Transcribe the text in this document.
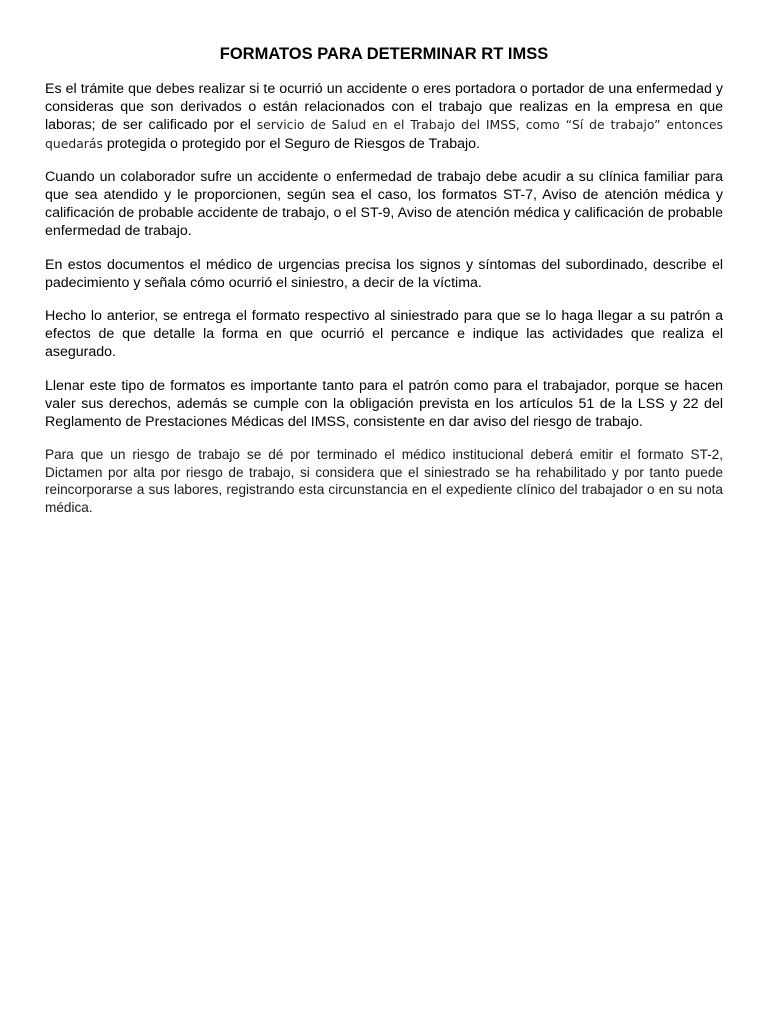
FORMATOS PARA DETERMINAR RT IMSS

Es el trámite que debes realizar si te ocurrió un accidente o eres portadora o portador de una enfermedad y consideras que son derivados o están relacionados con el trabajo que realizas en la empresa en que laboras; de ser calificado por el servicio de Salud en el Trabajo del IMSS, como “Sí de trabajo” entonces quedarás protegida o protegido por el Seguro de Riesgos de Trabajo.

Cuando un colaborador sufre un accidente o enfermedad de trabajo debe acudir a su clínica familiar para que sea atendido y le proporcionen, según sea el caso, los formatos ST-7, Aviso de atención médica y calificación de probable accidente de trabajo, o el ST-9, Aviso de atención médica y calificación de probable enfermedad de trabajo.

En estos documentos el médico de urgencias precisa los signos y síntomas del subordinado, describe el padecimiento y señala cómo ocurrió el siniestro, a decir de la víctima.

Hecho lo anterior, se entrega el formato respectivo al siniestrado para que se lo haga llegar a su patrón a efectos de que detalle la forma en que ocurrió el percance e indique las actividades que realiza el asegurado.

Llenar este tipo de formatos es importante tanto para el patrón como para el trabajador, porque se hacen valer sus derechos, además se cumple con la obligación prevista en los artículos 51 de la LSS y 22 del Reglamento de Prestaciones Médicas del IMSS, consistente en dar aviso del riesgo de trabajo.

Para que un riesgo de trabajo se dé por terminado el médico institucional deberá emitir el formato ST-2, Dictamen por alta por riesgo de trabajo, si considera que el siniestrado se ha rehabilitado y por tanto puede reincorporarse a sus labores, registrando esta circunstancia en el expediente clínico del trabajador o en su nota médica.
